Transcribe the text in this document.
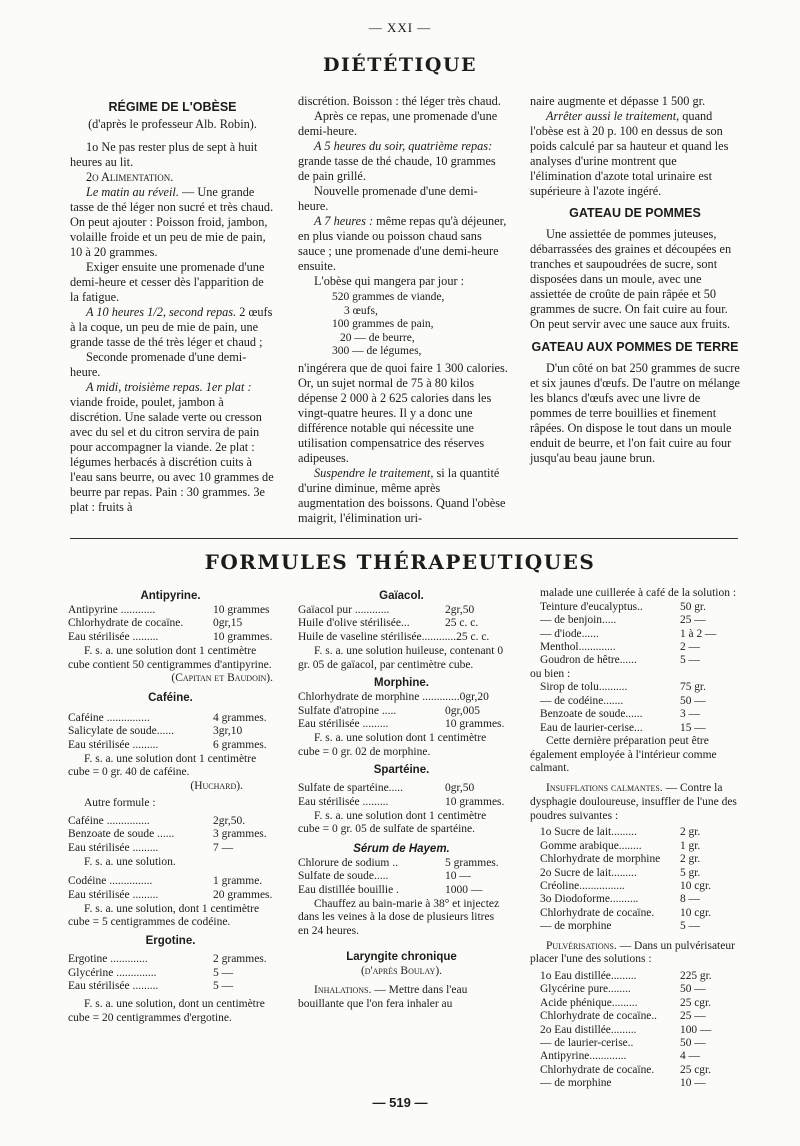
— XXI —
DIÉTÉTIQUE

RÉGIME DE L'OBÈSE

(d'après le professeur Alb. Robin).

1o Ne pas rester plus de sept à huit heures au lit.

2o Alimentation.

Le matin au réveil. — Une grande tasse de thé léger non sucré et très chaud. On peut ajouter : Poisson froid, jambon, volaille froide et un peu de mie de pain, 10 à 20 grammes.

Exiger ensuite une promenade d'une demi-heure et cesser dès l'apparition de la fatigue.

A 10 heures 1/2, second repas. 2 œufs à la coque, un peu de mie de pain, une grande tasse de thé très léger et chaud ;

Seconde promenade d'une demi-heure.

A midi, troisième repas. 1er plat : viande froide, poulet, jambon à discrétion. Une salade verte ou cresson avec du sel et du citron servira de pain pour accompagner la viande. 2e plat : légumes herbacés à discrétion cuits à l'eau sans beurre, ou avec 10 grammes de beurre par repas. Pain : 30 grammes. 3e plat : fruits à

discrétion. Boisson : thé léger très chaud.

Après ce repas, une promenade d'une demi-heure.

A 5 heures du soir, quatrième repas: grande tasse de thé chaude, 10 grammes de pain grillé.

Nouvelle promenade d'une demi-heure.

A 7 heures : même repas qu'à déjeuner, en plus viande ou poisson chaud sans sauce ; une promenade d'une demi-heure ensuite.

L'obèse qui mangera par jour :

520 grammes de viande,
3 œufs,
100 grammes de pain,
20 — de beurre,
300 — de légumes,

n'ingérera que de quoi faire 1 300 calories. Or, un sujet normal de 75 à 80 kilos dépense 2 000 à 2 625 calories dans les vingt-quatre heures. Il y a donc une différence notable qui nécessite une utilisation compensatrice des réserves adipeuses.

Suspendre le traitement, si la quantité d'urine diminue, même après augmentation des boissons. Quand l'obèse maigrit, l'élimination uri-

naire augmente et dépasse 1 500 gr.

Arrêter aussi le traitement, quand l'obèse est à 20 p. 100 en dessus de son poids calculé par sa hauteur et quand les analyses d'urine montrent que l'élimination d'azote total urinaire est supérieure à l'azote ingéré.

GATEAU DE POMMES

Une assiettée de pommes juteuses, débarrassées des graines et découpées en tranches et saupoudrées de sucre, sont disposées dans un moule, avec une assiettée de croûte de pain râpée et 50 grammes de sucre. On fait cuire au four. On peut servir avec une sauce aux fruits.

GATEAU AUX POMMES DE TERRE

D'un côté on bat 250 grammes de sucre et six jaunes d'œufs. De l'autre on mélange les blancs d'œufs avec une livre de pommes de terre bouillies et finement râpées. On dispose le tout dans un moule enduit de beurre, et l'on fait cuire au four jusqu'au beau jaune brun.

FORMULES THÉRAPEUTIQUES

Antipyrine.

Antipyrine ............	10 grammes
Chlorhydrate de cocaïne.	0gr,15
Eau stérilisée .........	10 grammes.

F. s. a. une solution dont 1 centimètre cube contient 50 centigrammes d'antipyrine.

(Capitan et Baudoin).

Caféine.

Caféine ...............	4 grammes.
Salicylate de soude......	3gr,10
Eau stérilisée .........	6 grammes.

F. s. a. une solution dont 1 centimètre cube = 0 gr. 40 de caféine.

(Huchard).

Autre formule :

Caféine ...............	2gr,50.
Benzoate de soude ......	3 grammes.
Eau stérilisée .........	7 —

F. s. a. une solution.

Codéine ...............	1 gramme.
Eau stérilisée .........	20 grammes.

F. s. a. une solution, dont 1 centimètre cube = 5 centigrammes de codéine.

Ergotine.

Ergotine .............	2 grammes.
Glycérine ..............	5 —
Eau stérilisée .........	5 —

F. s. a. une solution, dont un centimètre cube = 20 centigrammes d'ergotine.

Gaïacol.

Gaïacol pur ............	2gr,50
Huile d'olive stérilisée...	25 c. c.
Huile de vaseline stérilisée............ 25 c. c.

F. s. a. une solution huileuse, contenant 0 gr. 05 de gaïacol, par centimètre cube.

Morphine.

Chlorhydrate de morphine ............. 0gr,20
Sulfate d'atropine .....	0gr,005
Eau stérilisée .........	10 grammes.

F. s. a. une solution dont 1 centimètre cube = 0 gr. 02 de morphine.

Spartéine.

Sulfate de spartéine.....	0gr,50
Eau stérilisée .........	10 grammes.

F. s. a. une solution dont 1 centimètre cube = 0 gr. 05 de sulfate de spartéine.

Sérum de Hayem.

Chlorure de sodium ..	5 grammes.
Sulfate de soude.....	10 —
Eau distillée bouillie .	1000 —

Chauffez au bain-marie à 38° et injectez dans les veines à la dose de plusieurs litres en 24 heures.

Laryngite chronique

(d'après Boulay).

Inhalations. — Mettre dans l'eau bouillante que l'on fera inhaler au

malade une cuillerée à café de la solution :

Teinture d'eucalyptus..	50 gr.
— de benjoin.....	25 —
— d'iode......	1 à 2 —
Menthol.............	2 —
Goudron de hêtre......	5 —

ou bien :

Sirop de tolu..........	75 gr.
— de codéine.......	50 —
Benzoate de soude......	3 —
Eau de laurier-cerise...	15 —

Cette dernière préparation peut être également employée à l'intérieur comme calmant.

Insufflations calmantes. — Contre la dysphagie douloureuse, insuffler de l'une des poudres suivantes :

1o Sucre de lait.........	2 gr.
Gomme arabique........	1 gr.
Chlorhydrate de morphine	2 gr.
2o Sucre de lait.........	5 gr.
Créoline................	10 cgr.
3o Diodoforme..........	8 —
Chlorhydrate de cocaïne.	10 cgr.
— de morphine	5 —

Pulvérisations. — Dans un pulvérisateur placer l'une des solutions :

1o Eau distillée.........	225 gr.
Glycérine pure........	50 —
Acide phénique.........	25 cgr.
Chlorhydrate de cocaïne..	25 —
2o Eau distillée.........	100 —
— de laurier-cerise..	50 —
Antipyrine.............	4 —
Chlorhydrate de cocaïne.	25 cgr.
— de morphine	10 —
— 519 —
